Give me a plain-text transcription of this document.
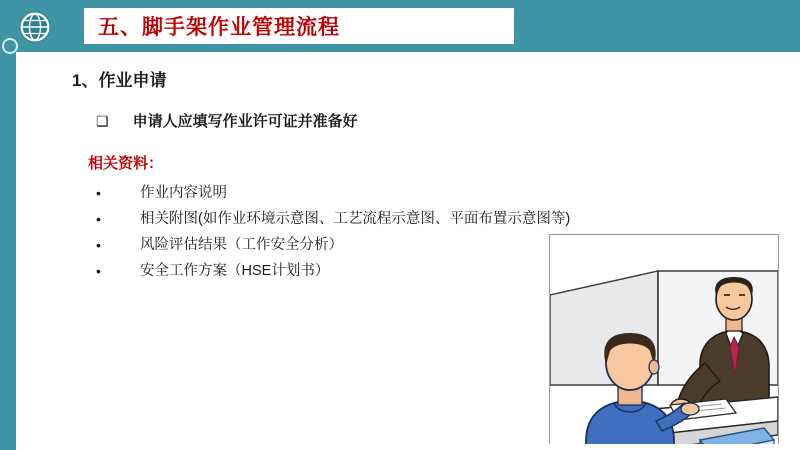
五、脚手架作业管理流程
1、作业申请
❑ 申请人应填写作业许可证并准备好
相关资料：
•	作业内容说明
•	相关附图(如作业环境示意图、工艺流程示意图、平面布置示意图等)
•	风险评估结果（工作安全分析）
•	安全工作方案（HSE计划书）
